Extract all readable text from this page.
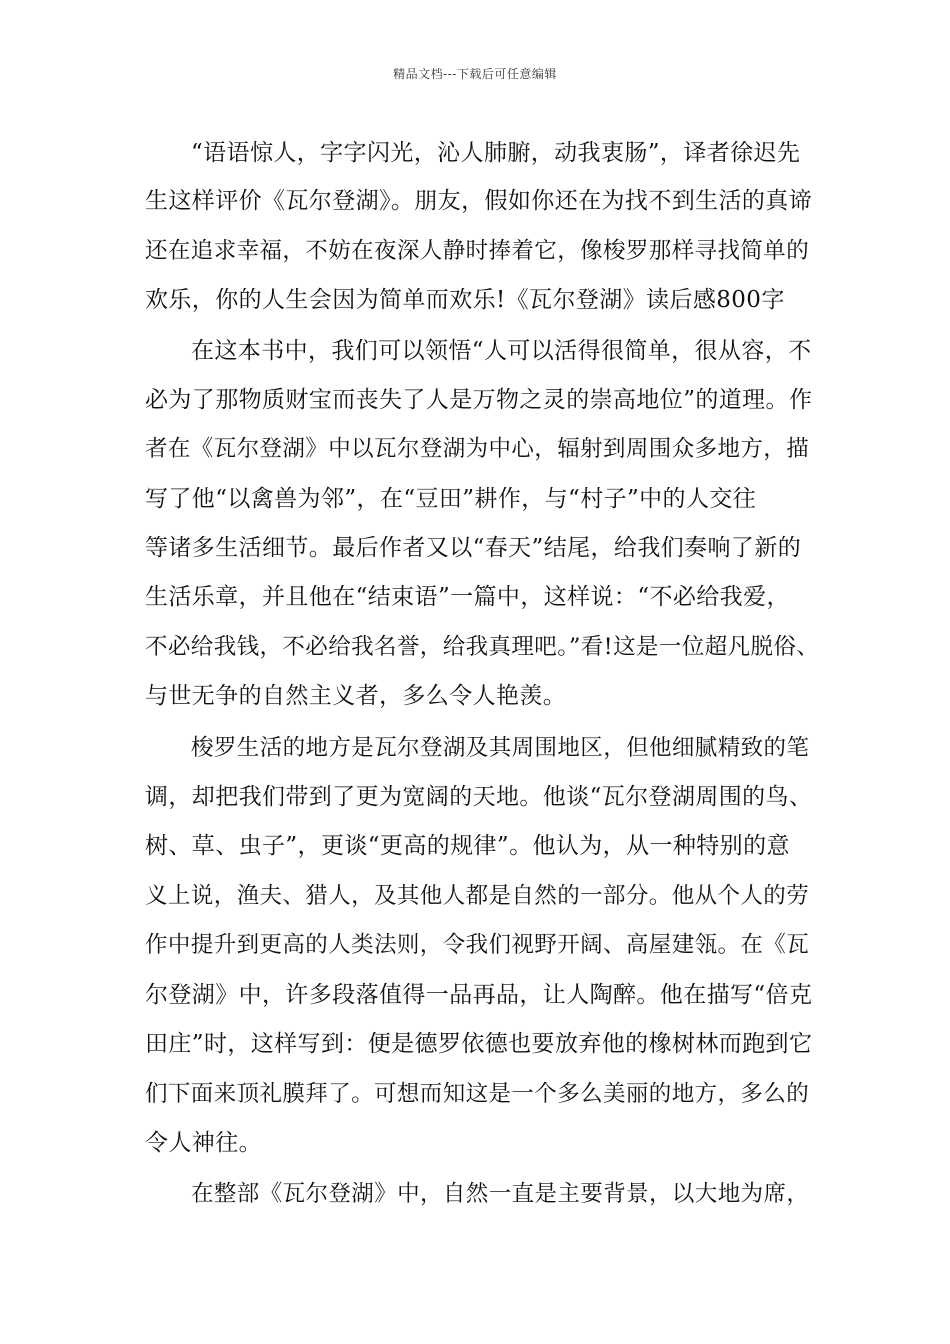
精品文档---下载后可任意编辑
“语语惊人，字字闪光，沁人肺腑，动我衷肠”，译者徐迟先
生这样评价《瓦尔登湖》。朋友，假如你还在为找不到生活的真谛
还在追求幸福，不妨在夜深人静时捧着它，像梭罗那样寻找简单的
欢乐，你的人生会因为简单而欢乐!《瓦尔登湖》读后感800字
在这本书中，我们可以领悟“人可以活得很简单，很从容，不
必为了那物质财宝而丧失了人是万物之灵的崇高地位”的道理。作
者在《瓦尔登湖》中以瓦尔登湖为中心，辐射到周围众多地方，描
写了他“以禽兽为邻”，在“豆田”耕作，与“村子”中的人交往
等诸多生活细节。最后作者又以“春天”结尾，给我们奏响了新的
生活乐章，并且他在“结束语”一篇中，这样说：“不必给我爱，
不必给我钱，不必给我名誉，给我真理吧。”看!这是一位超凡脱俗、
与世无争的自然主义者，多么令人艳羡。
梭罗生活的地方是瓦尔登湖及其周围地区，但他细腻精致的笔
调，却把我们带到了更为宽阔的天地。他谈“瓦尔登湖周围的鸟、
树、草、虫子”，更谈“更高的规律”。他认为，从一种特别的意
义上说，渔夫、猎人，及其他人都是自然的一部分。他从个人的劳
作中提升到更高的人类法则，令我们视野开阔、高屋建瓴。在《瓦
尔登湖》中，许多段落值得一品再品，让人陶醉。他在描写“倍克
田庄”时，这样写到：便是德罗依德也要放弃他的橡树林而跑到它
们下面来顶礼膜拜了。可想而知这是一个多么美丽的地方，多么的
令人神往。
在整部《瓦尔登湖》中，自然一直是主要背景，以大地为席，
